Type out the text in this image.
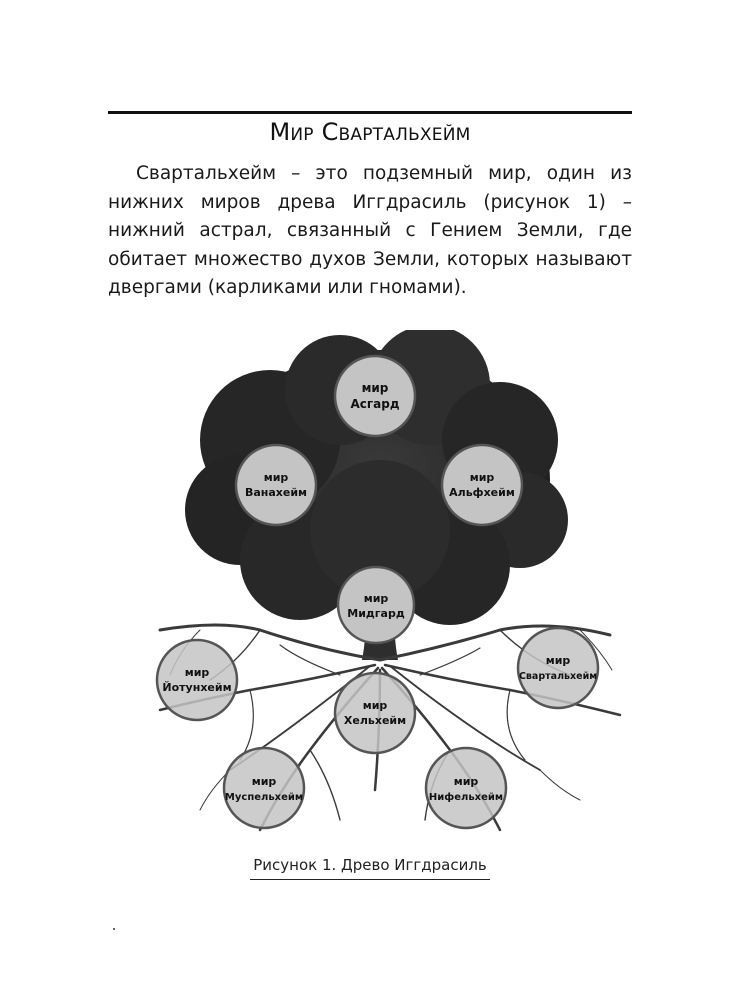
Мир Свартальхейм

Свартальхейм – это подземный мир, один из нижних миров древа Иггдрасиль (рисунок 1) – нижний астрал, связанный с Гением Земли, где обитает множество духов Земли, которых называют двергами (карликами или гномами).

мир
Асгард
мир
Ванахейм
мир
Альфхейм
мир
Мидгард
мир
Йотунхейм
мир
Свартальхейм
мир
Хельхейм
мир
Муспельхейм
мир
Нифельхейм
Рисунок 1. Древо Иггдрасиль
